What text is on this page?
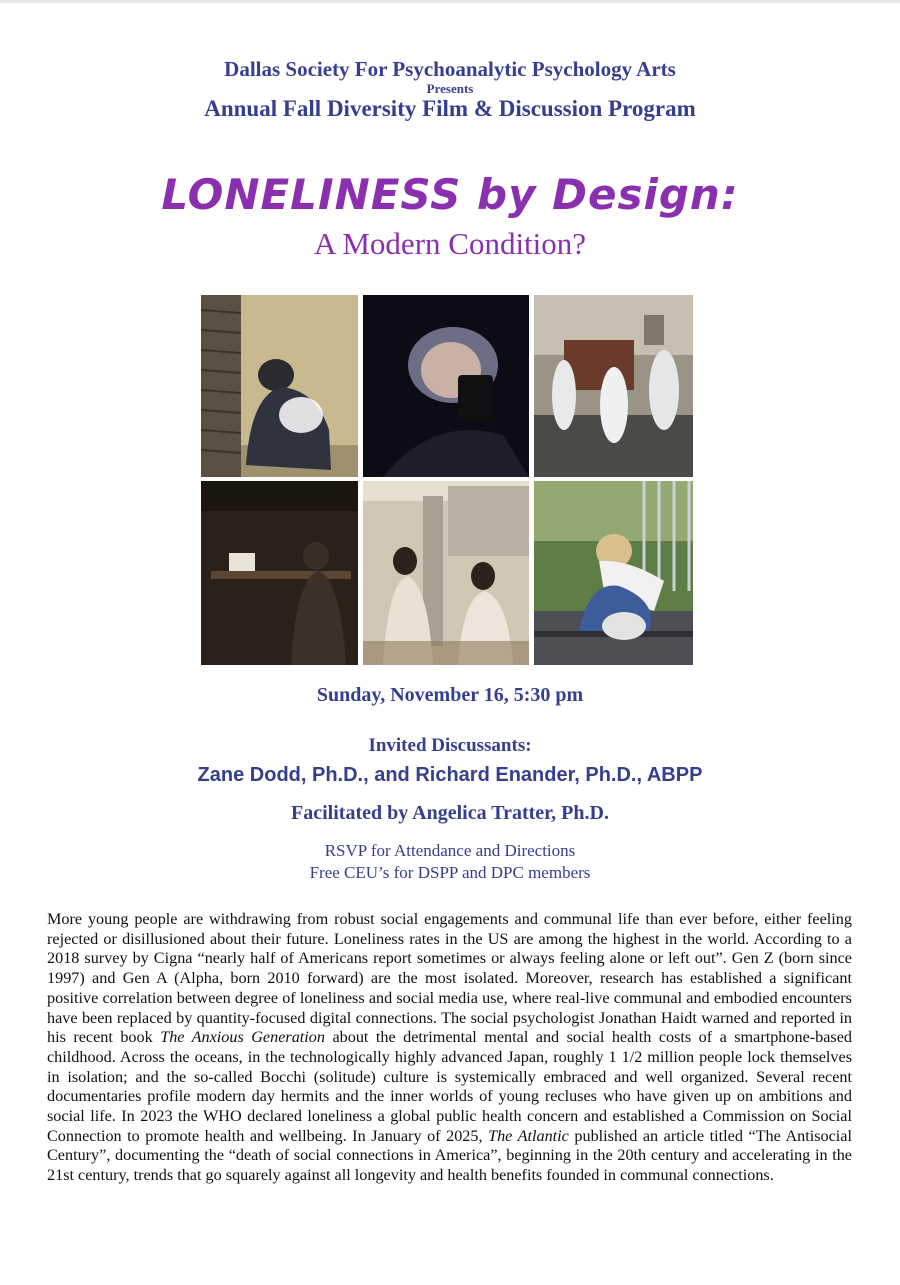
Dallas Society For Psychoanalytic Psychology Arts
Presents
Annual Fall Diversity Film & Discussion Program
LONELINESS by Design:
A Modern Condition?
Sunday, November 16, 5:30 pm
Invited Discussants:
Zane Dodd, Ph.D., and Richard Enander, Ph.D., ABPP
Facilitated by Angelica Tratter, Ph.D.
RSVP for Attendance and Directions
Free CEU’s for DSPP and DPC members
More young people are withdrawing from robust social engagements and communal life than ever before, either feeling rejected or disillusioned about their future. Loneliness rates in the US are among the highest in the world. According to a 2018 survey by Cigna “nearly half of Americans report sometimes or always feeling alone or left out”. Gen Z (born since 1997) and Gen A (Alpha, born 2010 forward) are the most isolated. Moreover, research has established a significant positive correlation between degree of loneliness and social media use, where real-live communal and embodied encounters have been replaced by quantity-focused digital connections. The social psychologist Jonathan Haidt warned and reported in his recent book The Anxious Generation about the detrimental mental and social health costs of a smartphone-based childhood. Across the oceans, in the technologically highly advanced Japan, roughly 1 1/2 million people lock themselves in isolation; and the so-called Bocchi (solitude) culture is systemically embraced and well organized. Several recent documentaries profile modern day hermits and the inner worlds of young recluses who have given up on ambitions and social life. In 2023 the WHO declared loneliness a global public health concern and established a Commission on Social Connection to promote health and wellbeing. In January of 2025, The Atlantic published an article titled “The Antisocial Century”, documenting the “death of social connections in America”, beginning in the 20th century and accelerating in the 21st century, trends that go squarely against all longevity and health benefits founded in communal connections.
